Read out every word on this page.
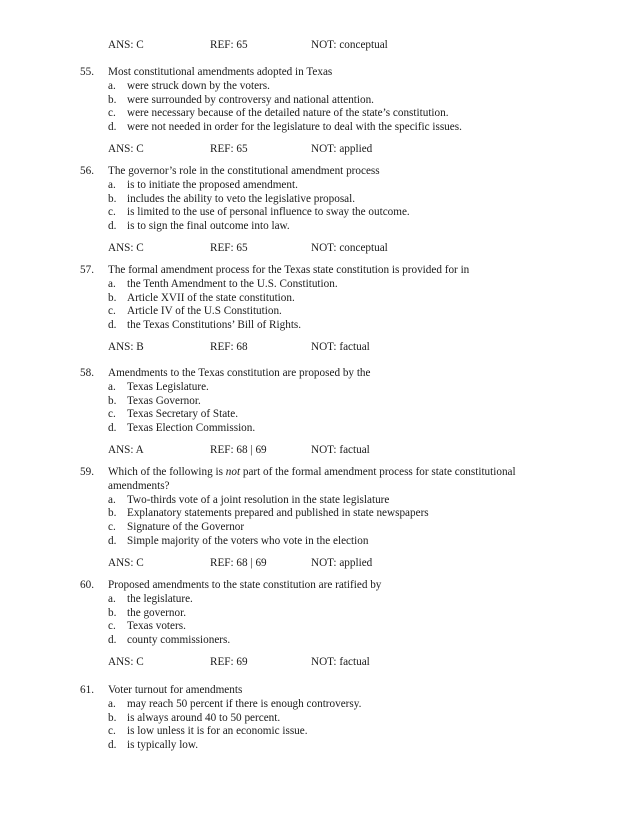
ANS: C	REF: 65	NOT: conceptual
55. Most constitutional amendments adopted in Texas
a. were struck down by the voters.
b. were surrounded by controversy and national attention.
c. were necessary because of the detailed nature of the state’s constitution.
d. were not needed in order for the legislature to deal with the specific issues.
ANS: C	REF: 65	NOT: applied
56. The governor’s role in the constitutional amendment process
a. is to initiate the proposed amendment.
b. includes the ability to veto the legislative proposal.
c. is limited to the use of personal influence to sway the outcome.
d. is to sign the final outcome into law.
ANS: C	REF: 65	NOT: conceptual
57. The formal amendment process for the Texas state constitution is provided for in
a. the Tenth Amendment to the U.S. Constitution.
b. Article XVII of the state constitution.
c. Article IV of the U.S Constitution.
d. the Texas Constitutions’ Bill of Rights.
ANS: B	REF: 68	NOT: factual
58. Amendments to the Texas constitution are proposed by the
a. Texas Legislature.
b. Texas Governor.
c. Texas Secretary of State.
d. Texas Election Commission.
ANS: A	REF: 68 | 69	NOT: factual
59. Which of the following is not part of the formal amendment process for state constitutional amendments?
a. Two-thirds vote of a joint resolution in the state legislature
b. Explanatory statements prepared and published in state newspapers
c. Signature of the Governor
d. Simple majority of the voters who vote in the election
ANS: C	REF: 68 | 69	NOT: applied
60. Proposed amendments to the state constitution are ratified by
a. the legislature.
b. the governor.
c. Texas voters.
d. county commissioners.
ANS: C	REF: 69	NOT: factual
61. Voter turnout for amendments
a. may reach 50 percent if there is enough controversy.
b. is always around 40 to 50 percent.
c. is low unless it is for an economic issue.
d. is typically low.
